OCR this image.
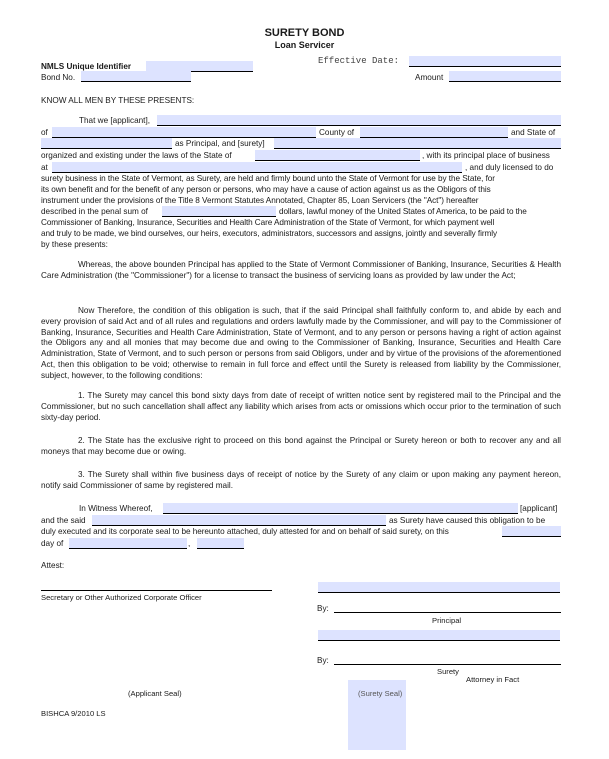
SURETY BOND
Loan Servicer
NMLS Unique Identifier
Bond No.
Effective Date:
Amount
KNOW ALL MEN BY THESE PRESENTS:
That we [applicant],
of	County of	and State of
as Principal, and [surety]
organized and existing under the laws of the State of	, with its principal place of business
at	, and duly licensed to do
surety business in the State of Vermont, as Surety, are held and firmly bound unto the State of Vermont for use by the State, for
its own benefit and for the benefit of any person or persons, who may have a cause of action against us as the Obligors of this
instrument under the provisions of the Title 8 Vermont Statutes Annotated, Chapter 85, Loan Servicers (the "Act") hereafter
described in the penal sum of	dollars, lawful money of the United States of America, to be paid to the
Commissioner of Banking, Insurance, Securities and Health Care Administration of the State of Vermont, for which payment well
and truly to be made, we bind ourselves, our heirs, executors, administrators, successors and assigns, jointly and severally firmly
by these presents:
Whereas, the above bounden Principal has applied to the State of Vermont Commissioner of Banking, Insurance, Securities & Health Care Administration (the "Commissioner") for a license to transact the business of servicing loans as provided by law under the Act;
Now Therefore, the condition of this obligation is such, that if the said Principal shall faithfully conform to, and abide by each and every provision of said Act and of all rules and regulations and orders lawfully made by the Commissioner, and will pay to the Commissioner of Banking, Insurance, Securities and Health Care Administration, State of Vermont, and to any person or persons having a right of action against the Obligors any and all monies that may become due and owing to the Commissioner of Banking, Insurance, Securities and Health Care Administration, State of Vermont, and to such person or persons from said Obligors, under and by virtue of the provisions of the aforementioned Act, then this obligation to be void; otherwise to remain in full force and effect until the Surety is released from liability by the Commissioner, subject, however, to the following conditions:
1. The Surety may cancel this bond sixty days from date of receipt of written notice sent by registered mail to the Principal and the Commissioner, but no such cancellation shall affect any liability which arises from acts or omissions which occur prior to the termination of such sixty-day period.
2. The State has the exclusive right to proceed on this bond against the Principal or Surety hereon or both to recover any and all moneys that may become due or owing.
3. The Surety shall within five business days of receipt of notice by the Surety of any claim or upon making any payment hereon, notify said Commissioner of same by registered mail.
In Witness Whereof,	[applicant]
and the said	as Surety have caused this obligation to be
duly executed and its corporate seal to be hereunto attached, duly attested for and on behalf of said surety, on this
day of	,
Attest:
Secretary or Other Authorized Corporate Officer
By:
Principal
By:
Surety
Attorney in Fact
(Applicant Seal)	(Surety Seal)
BISHCA 9/2010 LS
